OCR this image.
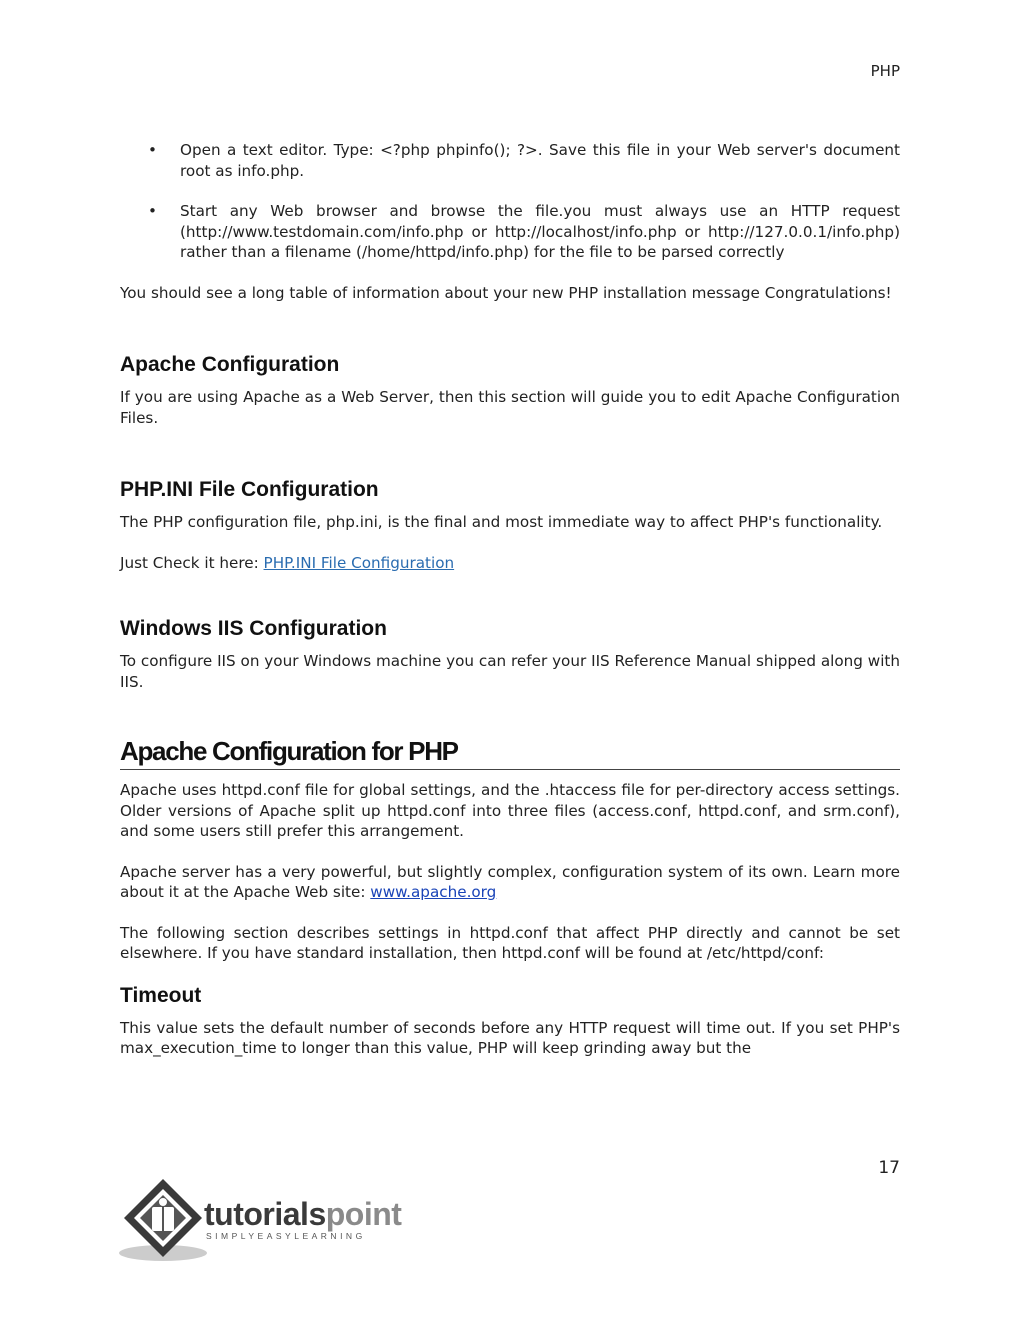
PHP
• Open a text editor. Type: <?php phpinfo(); ?>. Save this file in your Web server's document root as info.php.
• Start any Web browser and browse the file.you must always use an HTTP request (http://www.testdomain.com/info.php or http://localhost/info.php or http://127.0.0.1/info.php) rather than a filename (/home/httpd/info.php) for the file to be parsed correctly

You should see a long table of information about your new PHP installation message Congratulations!

Apache Configuration

If you are using Apache as a Web Server, then this section will guide you to edit Apache Configuration Files.

PHP.INI File Configuration

The PHP configuration file, php.ini, is the final and most immediate way to affect PHP's functionality.

Just Check it here: PHP.INI File Configuration

Windows IIS Configuration

To configure IIS on your Windows machine you can refer your IIS Reference Manual shipped along with IIS.

Apache Configuration for PHP

Apache uses httpd.conf file for global settings, and the .htaccess file for per-directory access settings. Older versions of Apache split up httpd.conf into three files (access.conf, httpd.conf, and srm.conf), and some users still prefer this arrangement.

Apache server has a very powerful, but slightly complex, configuration system of its own. Learn more about it at the Apache Web site: www.apache.org

The following section describes settings in httpd.conf that affect PHP directly and cannot be set elsewhere. If you have standard installation, then httpd.conf will be found at /etc/httpd/conf:

Timeout

This value sets the default number of seconds before any HTTP request will time out. If you set PHP's max_execution_time to longer than this value, PHP will keep grinding away but the

17
tutorialspoint
SIMPLYEASYLEARNING
